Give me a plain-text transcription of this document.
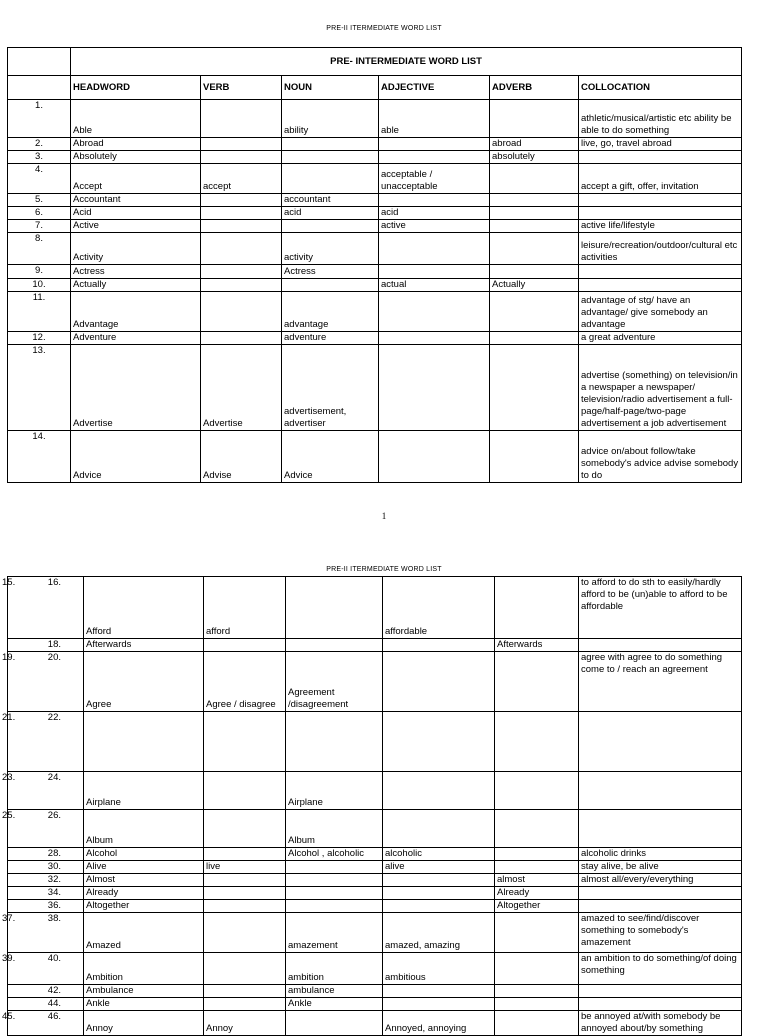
PRE-II ITERMEDIATE WORD LIST
	PRE- INTERMEDIATE WORD LIST					
	HEADWORD	VERB	NOUN	ADJECTIVE	ADVERB	COLLOCATION
1.	Able		ability	able		athletic/musical/artistic etc ability be able to do something
2.	Abroad				abroad	live, go, travel abroad
3.	Absolutely				absolutely	
4.	Accept	accept		acceptable / unacceptable		accept a gift, offer, invitation
5.	Accountant		accountant			
6.	Acid		acid	acid		
7.	Active			active		active life/lifestyle
8.	Activity		activity			leisure/recreation/outdoor/cultural etc activities
9.	Actress		Actress			
10.	Actually			actual	Actually	
11.	Advantage		advantage			advantage of stg/ have an advantage/ give somebody an advantage
12.	Adventure		adventure			a great adventure
13.	Advertise	Advertise	advertisement, advertiser			advertise (something) on television/in a newspaper a newspaper/ television/radio advertisement a full- page/half-page/two-page advertisement a job advertisement
14.	Advice	Advise	Advice			advice on/about follow/take somebody's advice advise somebody to do
1
PRE-II ITERMEDIATE WORD LIST
15. 16.	Afford	afford		affordable		to afford to do sth to easily/hardly afford to be (un)able to afford to be affordable

18.	Afterwards				Afterwards	

19. 20.	Agree	Agree / disagree	Agreement /disagreement			agree with agree to do something come to / reach an agreement

21. 22.						

23. 24.	Airplane		Airplane			

25. 26.	Album		Album			

28.	Alcohol		Alcohol , alcoholic	alcoholic		alcoholic drinks

30.	Alive	live		alive		stay alive, be alive

32.	Almost				almost	almost all/every/everything

34.	Already				Already	

36.	Altogether				Altogether	

37. 38.	Amazed		amazement	amazed, amazing		amazed to see/find/discover something to somebody's amazement

39. 40.	Ambition		ambition	ambitious		an ambition to do something/of doing something

42.	Ambulance		ambulance			

44.	Ankle		Ankle			

45. 46.	Annoy	Annoy		Annoyed, annoying		be annoyed at/with somebody be annoyed about/by something
